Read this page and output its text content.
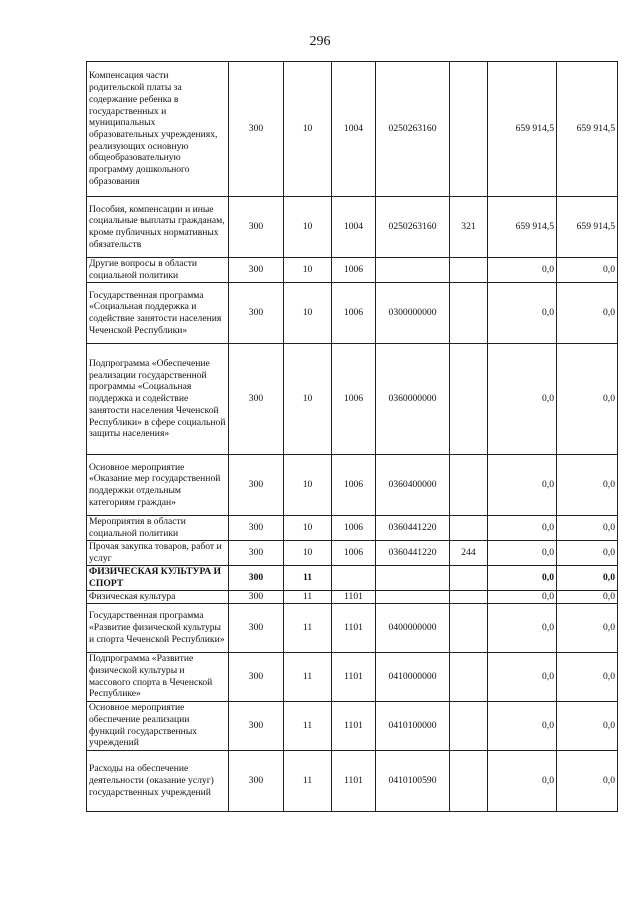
296
Компенсация части родительской платы за содержание ребенка в государственных и муниципальных образовательных учреждениях, реализующих основную общеобразовательную программу дошкольного образования	300	10	1004	0250263160		659 914,5	659 914,5
Пособия, компенсации и иные социальные выплаты гражданам, кроме публичных нормативных обязательств	300	10	1004	0250263160	321	659 914,5	659 914,5
Другие вопросы в области социальной политики	300	10	1006			0,0	0,0
Государственная программа «Социальная поддержка и содействие занятости населения Чеченской Республики»	300	10	1006	0300000000		0,0	0,0
Подпрограмма «Обеспечение реализации государственной программы «Социальная поддержка и содействие занятости населения Чеченской Республики» в сфере социальной защиты населения»	300	10	1006	0360000000		0,0	0,0
Основное мероприятие «Оказание мер государственной поддержки отдельным категориям граждан»	300	10	1006	0360400000		0,0	0,0
Мероприятия в области социальной политики	300	10	1006	0360441220		0,0	0,0
Прочая закупка товаров, работ и услуг	300	10	1006	0360441220	244	0,0	0,0
ФИЗИЧЕСКАЯ КУЛЬТУРА И СПОРТ	300	11				0,0	0,0
Физическая культура	300	11	1101			0,0	0,0
Государственная программа «Развитие физической культуры и спорта Чеченской Республики»	300	11	1101	0400000000		0,0	0,0
Подпрограмма «Развитие физической культуры и массового спорта в Чеченской Республике»	300	11	1101	0410000000		0,0	0,0
Основное мероприятие обеспечение реализации функций государственных учреждений	300	11	1101	0410100000		0,0	0,0
Расходы на обеспечение деятельности (оказание услуг) государственных учреждений	300	11	1101	0410100590		0,0	0,0
